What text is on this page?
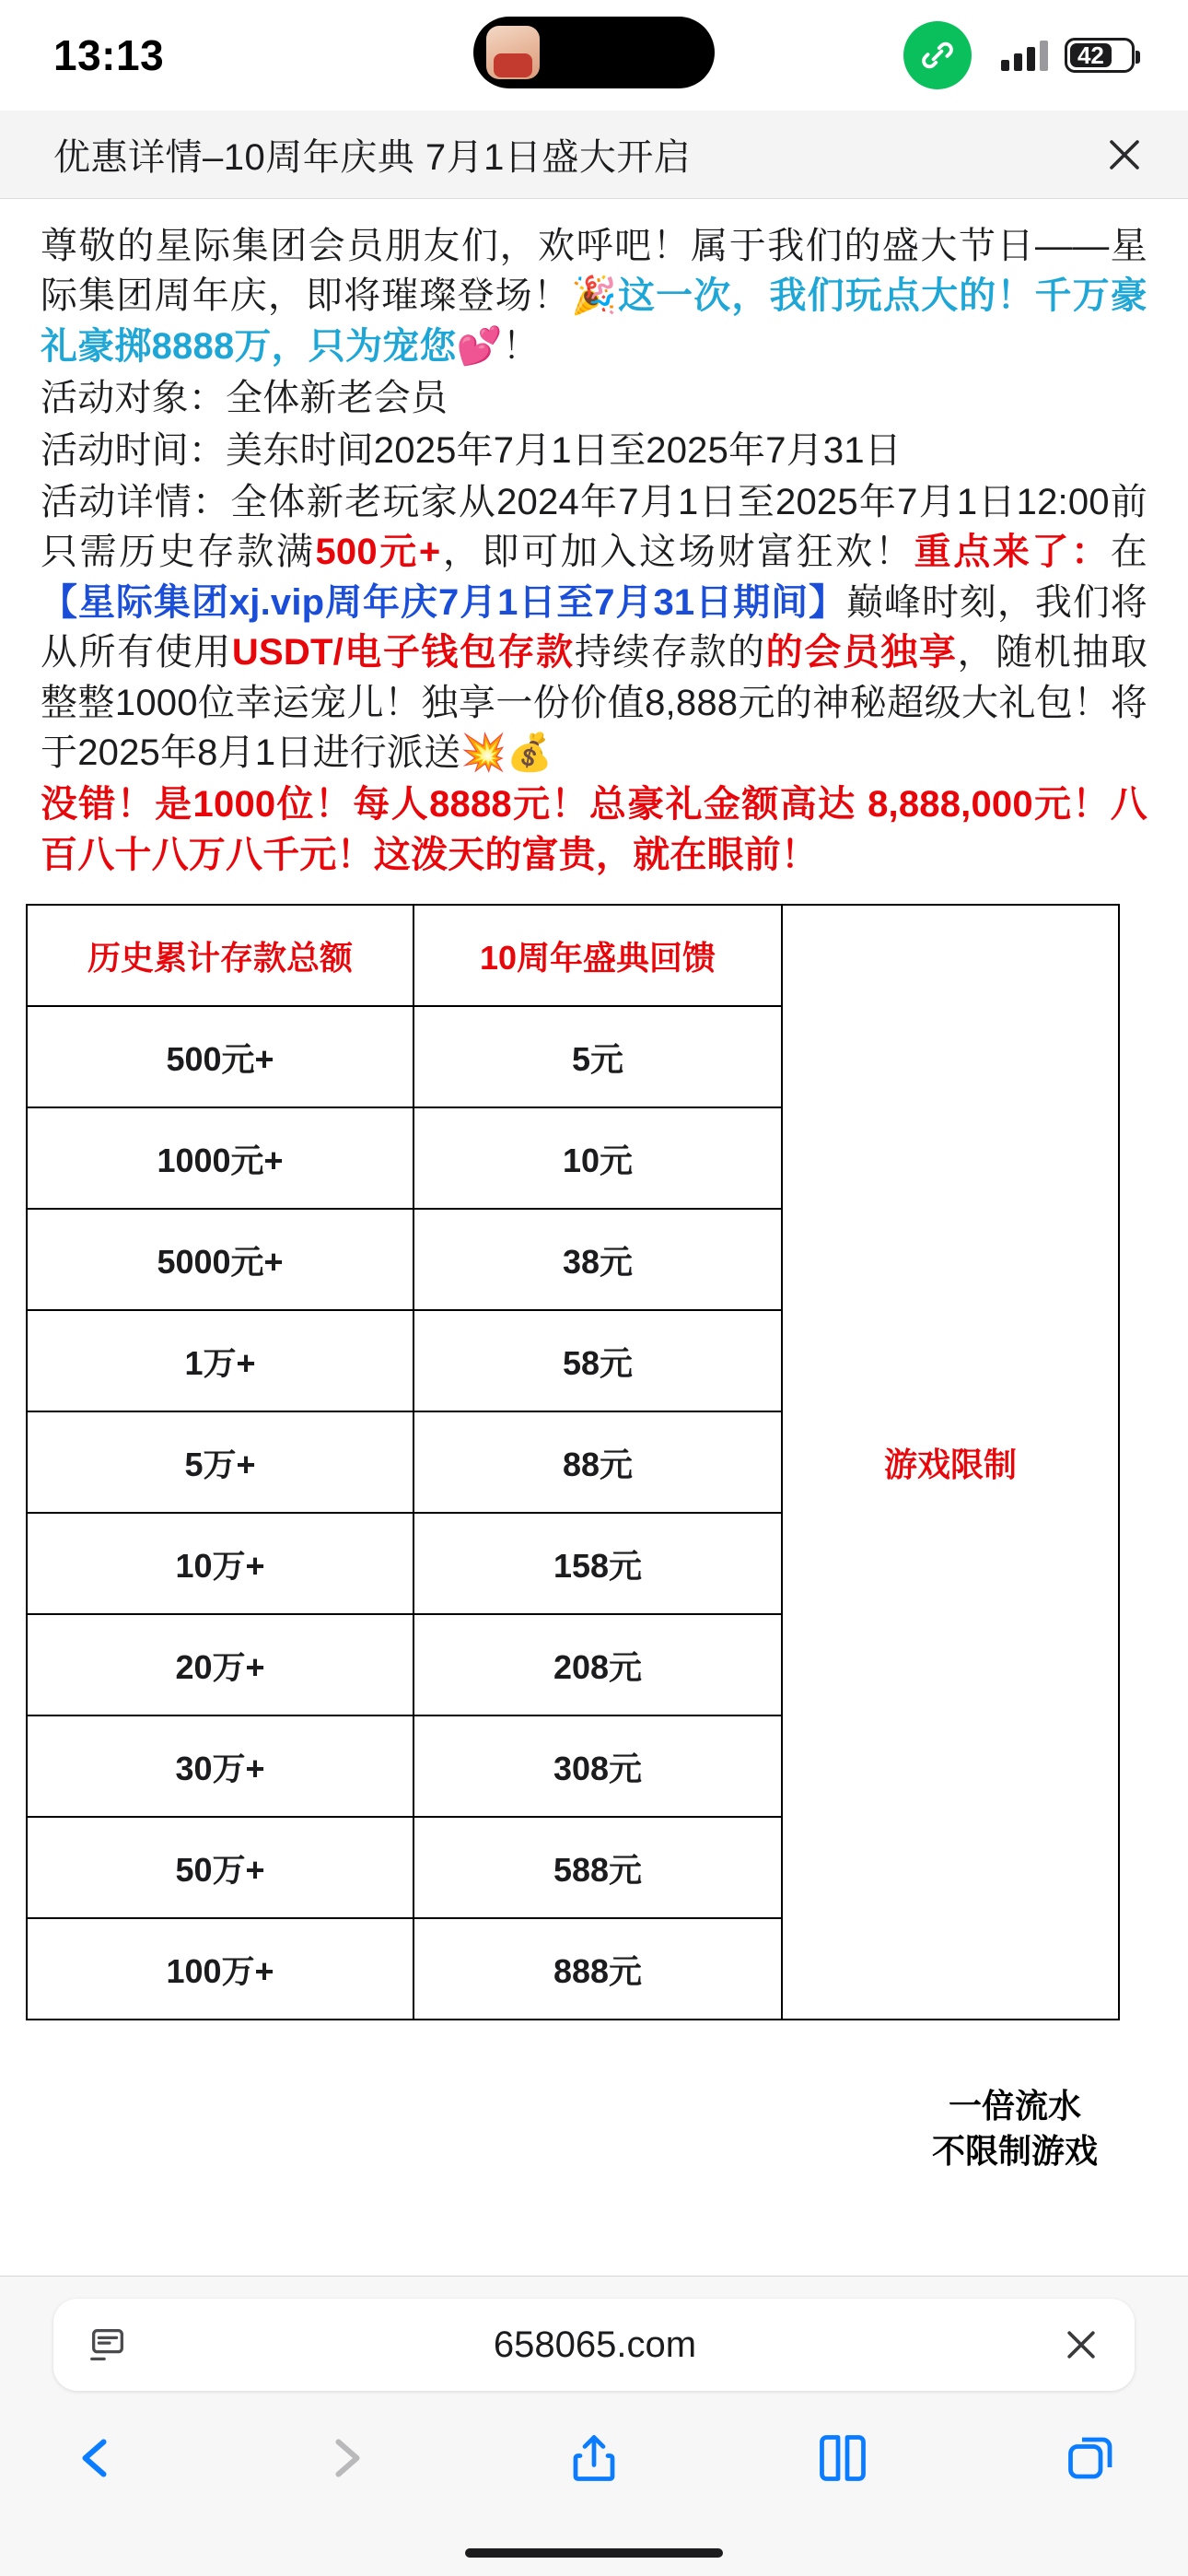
13:13	42
优惠详情–10周年庆典 7月1日盛大开启

尊敬的星际集团会员朋友们，欢呼吧！属于我们的盛大节日——星际集团周年庆，即将璀璨登场！🎉这一次，我们玩点大的！千万豪礼豪掷8888万，只为宠您💕！

活动对象：全体新老会员

活动时间：美东时间2025年7月1日至2025年7月31日

活动详情：全体新老玩家从2024年7月1日至2025年7月1日12:00前只需历史存款满500元+，即可加入这场财富狂欢！重点来了：在【星际集团xj.vip周年庆7月1日至7月31日期间】巅峰时刻，我们将从所有使用USDT/电子钱包存款持续存款的的会员独享，随机抽取整整1000位幸运宠儿！独享一份价值8,888元的神秘超级大礼包！将于2025年8月1日进行派送💥💰

没错！是1000位！每人8888元！总豪礼金额高达 8,888,000元！八百八十八万八千元！这泼天的富贵，就在眼前！

历史累计存款总额	10周年盛典回馈	游戏限制

500元+	5元	
1000元+	10元	
5000元+	38元	
1万+	58元	
5万+	88元	
10万+	158元	
20万+	208元	
30万+	308元	
50万+	588元	
100万+	888元	
一倍流水
不限制游戏
658065.com
